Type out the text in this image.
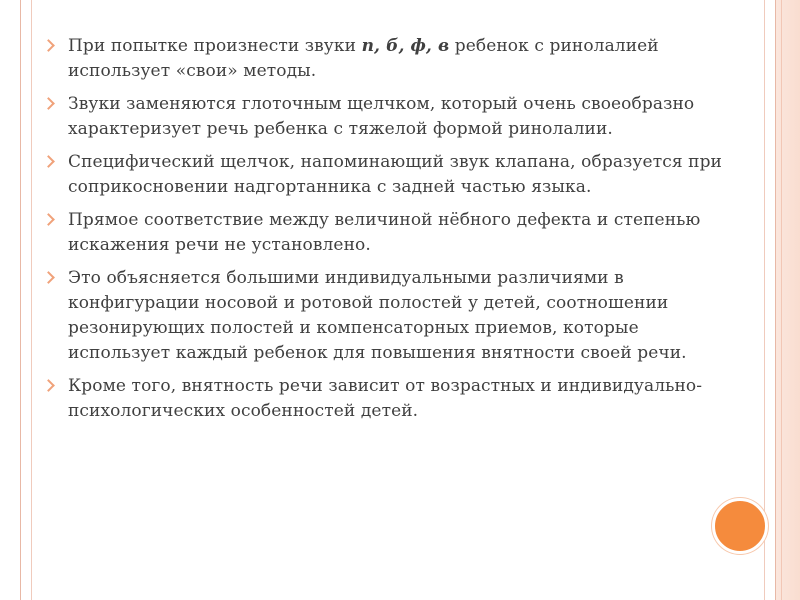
При попытке произнести звуки п, б, ф, в ребенок с ринолалией использует «свои» методы.
Звуки заменяются глоточным щелчком, который очень своеобразно характеризует речь ребенка с тяжелой формой ринолалии.
Специфический щелчок, напоминающий звук клапана, образуется при соприкосновении надгортанника с задней частью языка.
Прямое соответствие между величиной нёбного дефекта и степенью искажения речи не установлено.
Это объясняется большими индивидуальными различиями в конфигурации носовой и ротовой полостей у детей, соотношении резонирующих полостей и компенсаторных приемов, которые использует каждый ребенок для повышения внятности своей речи.
Кроме того, внятность речи зависит от возрастных и индивидуально-психологических особенностей детей.
